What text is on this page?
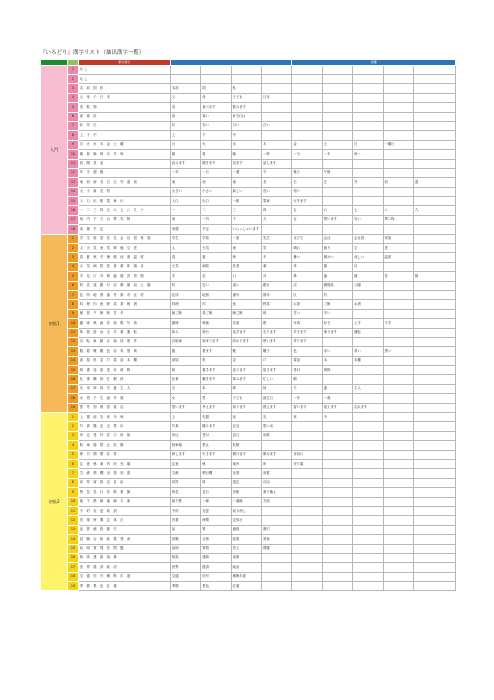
『いろどり』漢字リスト（抽出漢字一覧）
		新出漢字					語彙				
入門	1	なし									
	2	なし									
	3	名 前 国 私	名前	国	私						
	4	父 母 子 日 本	父	母	子ども	日本					
	5	食 飲 物	食	食べます	飲みます						
	6	高 寒 好	高	寒い	好き(な)						
	7	好 安 白	好	安い	白い	白い					
	8	上 下 中	上	下	中						
	9	月 火 水 木 金 土 曜	月	火	水	木	金	土	日	～曜日	
	10	朝 昼 晩 時 分 半 毎	朝	昼	晩	～時	～分	～半	毎～		
	11	読 聞 見 話	読みます	聞きます	見ます	話します					
	12	年 今 週 後	～年	～月	～週	今	後ろ	午後			
	13	東 西 南 北 右 左 外 道 前	東	西	南	北	右	左	外	前	道
	14	大 小 新 長 短	大きい	小さい	新しい	長い	短い				
	15	入 口 出 駅 電 車 行	入口	出口	～駅	電車	行きます				
	16	一 二 三 四 五 六 七 八 九 十	一	二	三	四	五	六	七	八	九
	17	何 円 千 万 百 買 安 物	何	～円	千	万	百	買います	安い	買い物	
	18	来 週 予 定	来週	予定	いらっしゃいます						
初級1	1	学 生 校 語 先 友 会 社 員 家 族	学生	学校	～語	先生	友だち	会社	会社員	家族	
	2	人 天 気 雨 雪 晴 曇 空 雲	人	天気	雨	雪	晴れ	曇り	空	雲	
	3	春 夏 秋 冬 暑 暖 涼 寒 温 度	春	夏	秋	冬	暑い	暖かい	涼しい	温度	
	4	元 気 病 院 医 者 薬 体 頭 目	元気	病院	医者	薬	体	頭	目		
	5	手 足 口 耳 鼻 歯 顔 首 背 熱	手	足	口	耳	鼻	歯	顔	首	熱
	6	町 近 遠 銀 行 店 郵 便 局 公 園	町	近い	遠い	銀行	店	郵便局	公園		
	7	住 所 地 図 番 号 都 市 区 村	住所	地図	番号	都市	区	村			
	8	料 理 肉 魚 野 菜 茶 飯 酒	料理	肉	魚	野菜	お茶	ご飯	お酒		
	9	朝 昼 夕 飯 味 甘 辛	朝ご飯	昼ご飯	晩ご飯	味	甘い	辛い			
	10	趣 味 映 画 音 楽 歌 写 真	趣味	映画	音楽	歌	写真	好き	上手	下手	
	11	休 旅 遊 泳 走 歩 乗 運 転	休み	旅行	泳ぎます	走ります	歩きます	乗ります	運転		
	12	自 転 車 動 止 始 終 使 作	自転車	始まります	終わります	使います	作ります				
	13	服 着 靴 帽 色 赤 青 黒 黄	服	着ます	靴	帽子	色	赤い	青い	黒い	
	14	部 屋 机 窓 戸 電 話 本 棚	部屋	机	窓	戸	電話	本	本棚		
	15	紙 書 送 届 受 付 荷 物	紙	書きます	送ります	届きます	受付	荷物			
	16	仕 事 働 休 忙 暇 終	仕事	働きます	休みます	忙しい	暇				
	17	兄 弟 姉 妹 夫 妻 主 人	兄	弟	姉	妹	夫	妻	主人		
	18	女 男 子 生 誕 年 歳	女	男	子ども	誕生日	～年	～歳			
	19	思 考 知 教 習 覚 忘	思います	考えます	知ります	教えます	習います	覚えます	忘れます		
初級2	1	上 週 前 先 来 今 毎	上	先週	前	先	来	今			
	2	写 真 撮 記 念 思 出	写真	撮ります	記念	思い出					
	3	申 込 受 付 窓 口 用 紙	申込	受付	窓口	用紙					
	4	駐 車 場 禁 止 危 険	駐車場	禁止	危険						
	5	押 引 開 閉 非 常	押します	引きます	開けます	閉めます	非常口				
	6	注 意 係 案 内 所 売 場	注意	係	案内	所	売り場				
	7	空 港 飛 機 出 発 到 着	空港	飛行機	出発	到着					
	8	切 符 席 指 定 自 由	切符	席	指定	自由					
	9	特 急 急 行 各 駅 乗 換	特急	急行	各駅	乗り換え					
	10	地 下 鉄 線 番 線 方 面	地下鉄	～線	～番線	方面					
	11	予 約 変 更 取 消	予約	変更	取り消し						
	12	営 業 時 間 定 休 日	営業	時間	定休日						
	13	品 質 値 段 割 引	品	質	値段	割引					
	14	試 験 合 格 結 果 発 表	試験	合格	結果	発表					
	15	説 明 質 問 答 問 題	説明	質問	答え	問題					
	16	相 談 連 絡 返 事	相談	連絡	返事						
	17	世 界 経 済 政 治	世界	経済	政治						
	18	交 通 信 号 横 断 歩 道	交通	信号	横断歩道						
	19	季 節 景 色 紅 葉	季節	景色	紅葉						
